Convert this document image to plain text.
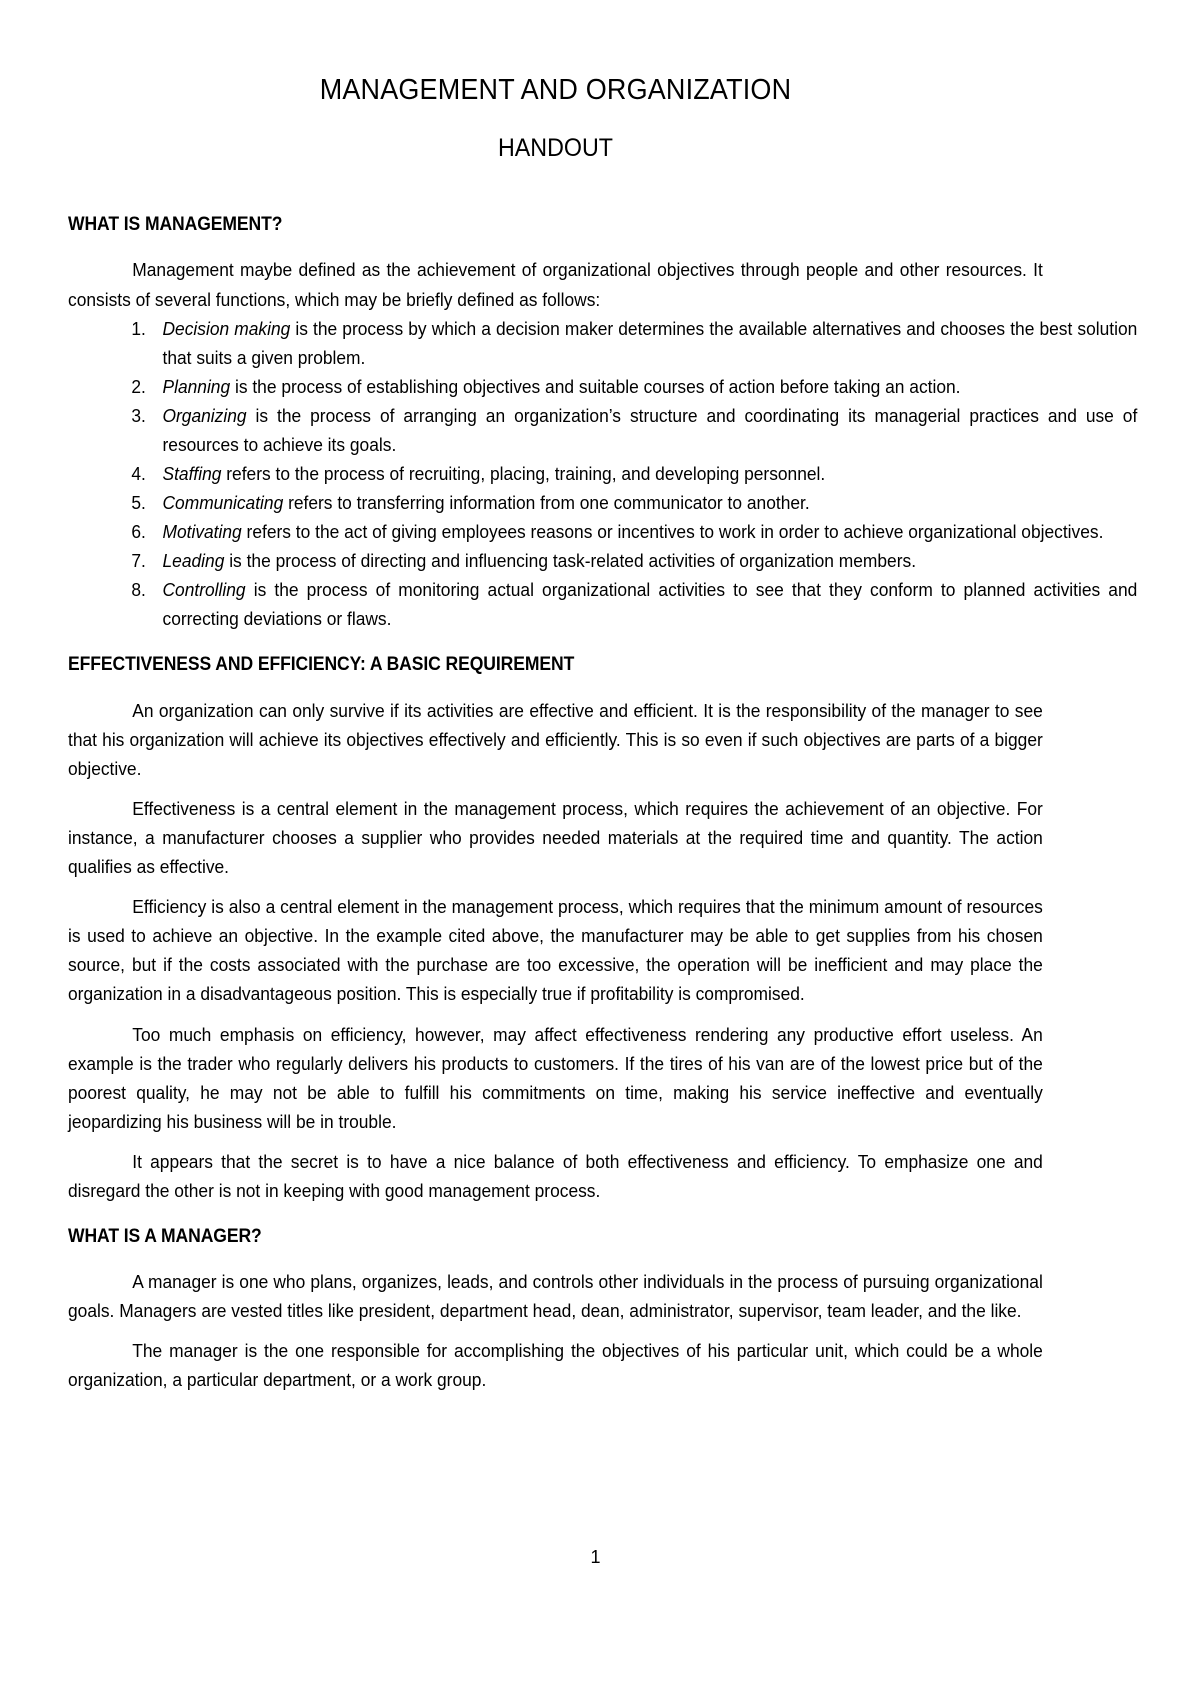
MANAGEMENT AND ORGANIZATION
HANDOUT
WHAT IS MANAGEMENT?

Management maybe defined as the achievement of organizational objectives through people and other resources. It consists of several functions, which may be briefly defined as follows:

1. Decision making is the process by which a decision maker determines the available alternatives and chooses the best solution that suits a given problem.
2. Planning is the process of establishing objectives and suitable courses of action before taking an action.
3. Organizing is the process of arranging an organization’s structure and coordinating its managerial practices and use of resources to achieve its goals.
4. Staffing refers to the process of recruiting, placing, training, and developing personnel.
5. Communicating refers to transferring information from one communicator to another.
6. Motivating refers to the act of giving employees reasons or incentives to work in order to achieve organizational objectives.
7. Leading is the process of directing and influencing task-related activities of organization members.
8. Controlling is the process of monitoring actual organizational activities to see that they conform to planned activities and correcting deviations or flaws.
EFFECTIVENESS AND EFFICIENCY: A BASIC REQUIREMENT

An organization can only survive if its activities are effective and efficient. It is the responsibility of the manager to see that his organization will achieve its objectives effectively and efficiently. This is so even if such objectives are parts of a bigger objective.

Effectiveness is a central element in the management process, which requires the achievement of an objective. For instance, a manufacturer chooses a supplier who provides needed materials at the required time and quantity. The action qualifies as effective.

Efficiency is also a central element in the management process, which requires that the minimum amount of resources is used to achieve an objective. In the example cited above, the manufacturer may be able to get supplies from his chosen source, but if the costs associated with the purchase are too excessive, the operation will be inefficient and may place the organization in a disadvantageous position. This is especially true if profitability is compromised.

Too much emphasis on efficiency, however, may affect effectiveness rendering any productive effort useless. An example is the trader who regularly delivers his products to customers. If the tires of his van are of the lowest price but of the poorest quality, he may not be able to fulfill his commitments on time, making his service ineffective and eventually jeopardizing his business will be in trouble.

It appears that the secret is to have a nice balance of both effectiveness and efficiency. To emphasize one and disregard the other is not in keeping with good management process.

WHAT IS A MANAGER?

A manager is one who plans, organizes, leads, and controls other individuals in the process of pursuing organizational goals. Managers are vested titles like president, department head, dean, administrator, supervisor, team leader, and the like.

The manager is the one responsible for accomplishing the objectives of his particular unit, which could be a whole organization, a particular department, or a work group.

1
